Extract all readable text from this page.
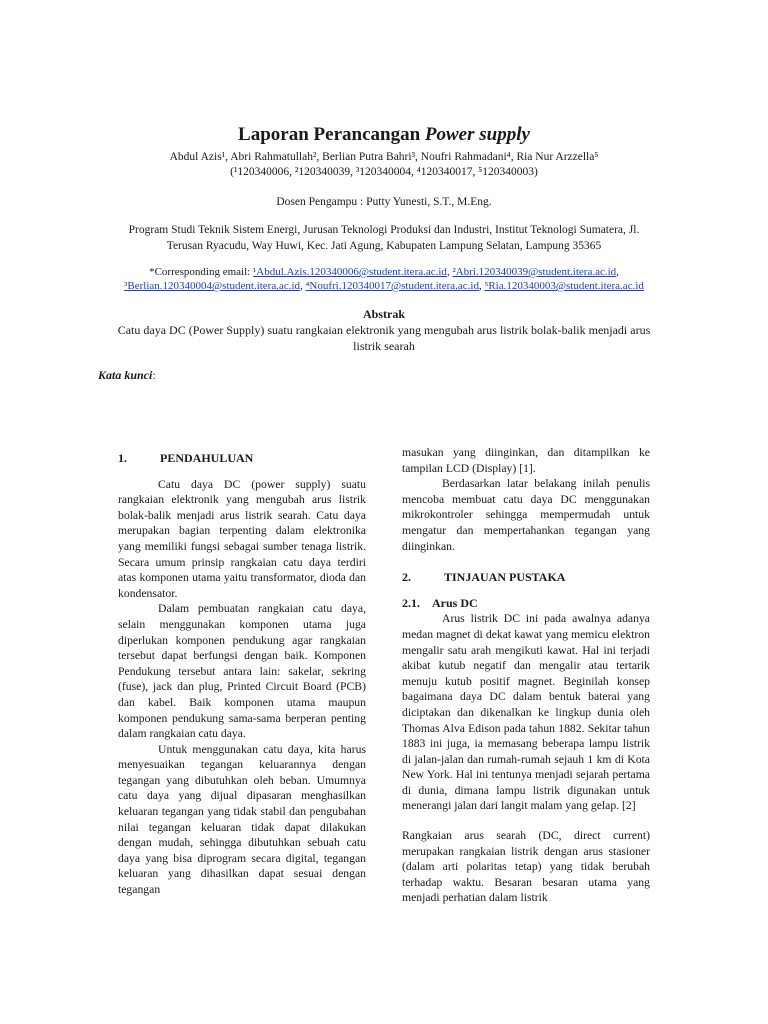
Laporan Perancangan Power supply
Abdul Azis¹, Abri Rahmatullah², Berlian Putra Bahri³, Noufri Rahmadani⁴, Ria Nur Arzzella⁵
(¹120340006, ²120340039, ³120340004, ⁴120340017, ⁵120340003)
Dosen Pengampu : Putty Yunesti, S.T., M.Eng.
Program Studi Teknik Sistem Energi, Jurusan Teknologi Produksi dan Industri, Institut Teknologi Sumatera, Jl.
Terusan Ryacudu, Way Huwi, Kec. Jati Agung, Kabupaten Lampung Selatan, Lampung 35365
*Corresponding email: ¹Abdul.Azis.120340006@student.itera.ac.id, ²Abri.120340039@student.itera.ac.id, ³Berlian.120340004@student.itera.ac.id, ⁴Noufri.120340017@student.itera.ac.id, ⁵Ria.120340003@student.itera.ac.id
Abstrak
Catu daya DC (Power Supply) suatu rangkaian elektronik yang mengubah arus listrik bolak-balik menjadi arus listrik searah
Kata kunci:
1.	PENDAHULUAN

Catu daya DC (power supply) suatu rangkaian elektronik yang mengubah arus listrik bolak-balik menjadi arus listrik searah. Catu daya merupakan bagian terpenting dalam elektronika yang memiliki fungsi sebagai sumber tenaga listrik. Secara umum prinsip rangkaian catu daya terdiri atas komponen utama yaitu transformator, dioda dan kondensator.

Dalam pembuatan rangkaian catu daya, selain menggunakan komponen utama juga diperlukan komponen pendukung agar rangkaian tersebut dapat berfungsi dengan baik. Komponen Pendukung tersebut antara lain: sakelar, sekring (fuse), jack dan plug, Printed Circuit Board (PCB) dan kabel. Baik komponen utama maupun komponen pendukung sama-sama berperan penting dalam rangkaian catu daya.

Untuk menggunakan catu daya, kita harus menyesuaikan tegangan keluarannya dengan tegangan yang dibutuhkan oleh beban. Umumnya catu daya yang dijual dipasaran menghasilkan keluaran tegangan yang tidak stabil dan pengubahan nilai tegangan keluaran tidak dapat dilakukan dengan mudah, sehingga dibutuhkan sebuah catu daya yang bisa diprogram secara digital, tegangan keluaran yang dihasilkan dapat sesuai dengan tegangan

masukan yang diinginkan, dan ditampilkan ke tampilan LCD (Display) [1].

Berdasarkan latar belakang inilah penulis mencoba membuat catu daya DC menggunakan mikrokontroler sehingga mempermudah untuk mengatur dan mempertahankan tegangan yang diinginkan.

2.	TINJAUAN PUSTAKA
2.1.	Arus DC

Arus listrik DC ini pada awalnya adanya medan magnet di dekat kawat yang memicu elektron mengalir satu arah mengikuti kawat. Hal ini terjadi akibat kutub negatif dan mengalir atau tertarik menuju kutub positif magnet. Beginilah konsep bagaimana daya DC dalam bentuk baterai yang diciptakan dan dikenalkan ke lingkup dunia oleh Thomas Alva Edison pada tahun 1882. Sekitar tahun 1883 ini juga, ia memasang beberapa lampu listrik di jalan-jalan dan rumah-rumah sejauh 1 km di Kota New York. Hal ini tentunya menjadi sejarah pertama di dunia, dimana lampu listrik digunakan untuk menerangi jalan dari langit malam yang gelap. [2]

Rangkaian arus searah (DC, direct current) merupakan rangkaian listrik dengan arus stasioner (dalam arti polaritas tetap) yang tidak berubah terhadap waktu. Besaran besaran utama yang menjadi perhatian dalam listrik
